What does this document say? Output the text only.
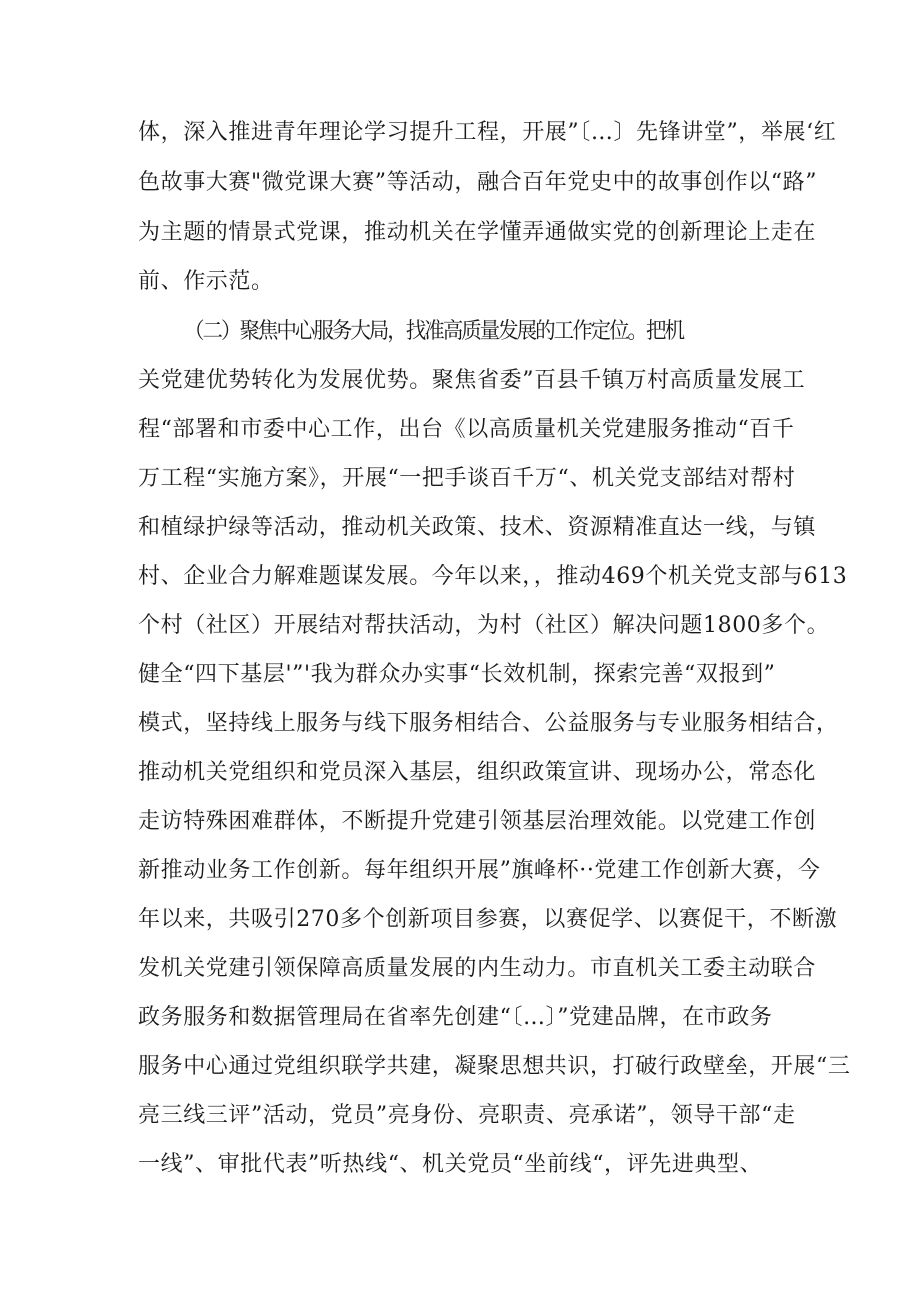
体，深入推进青年理论学习提升工程，开展”〔…〕先锋讲堂”，举展‘红
色故事大赛"微党课大赛”等活动，融合百年党史中的故事创作以“路”
为主题的情景式党课，推动机关在学懂弄通做实党的创新理论上走在
前、作示范。
（二）聚焦中心服务大局，找准高质量发展的工作定位。把机
关党建优势转化为发展优势。聚焦省委”百县千镇万村高质量发展工
程“部署和市委中心工作，出台《以高质量机关党建服务推动“百千
万工程“实施方案》，开展“一把手谈百千万“、机关党支部结对帮村
和植绿护绿等活动，推动机关政策、技术、资源精准直达一线，与镇
村、企业合力解难题谋发展。今年以来，，推动469个机关党支部与613
个村（社区）开展结对帮扶活动，为村（社区）解决问题1800多个。
健全“四下基层'”'我为群众办实事“长效机制，探索完善“双报到”
模式，坚持线上服务与线下服务相结合、公益服务与专业服务相结合，
推动机关党组织和党员深入基层，组织政策宣讲、现场办公，常态化
走访特殊困难群体，不断提升党建引领基层治理效能。以党建工作创
新推动业务工作创新。每年组织开展”旗峰杯··党建工作创新大赛，今
年以来，共吸引270多个创新项目参赛，以赛促学、以赛促干，不断激
发机关党建引领保障高质量发展的内生动力。市直机关工委主动联合
政务服务和数据管理局在省率先创建“〔…〕”党建品牌，在市政务
服务中心通过党组织联学共建，凝聚思想共识，打破行政壁垒，开展“三
亮三线三评”活动，党员”亮身份、亮职责、亮承诺”，领导干部“走
一线”、审批代表”听热线“、机关党员“坐前线“，评先进典型、
